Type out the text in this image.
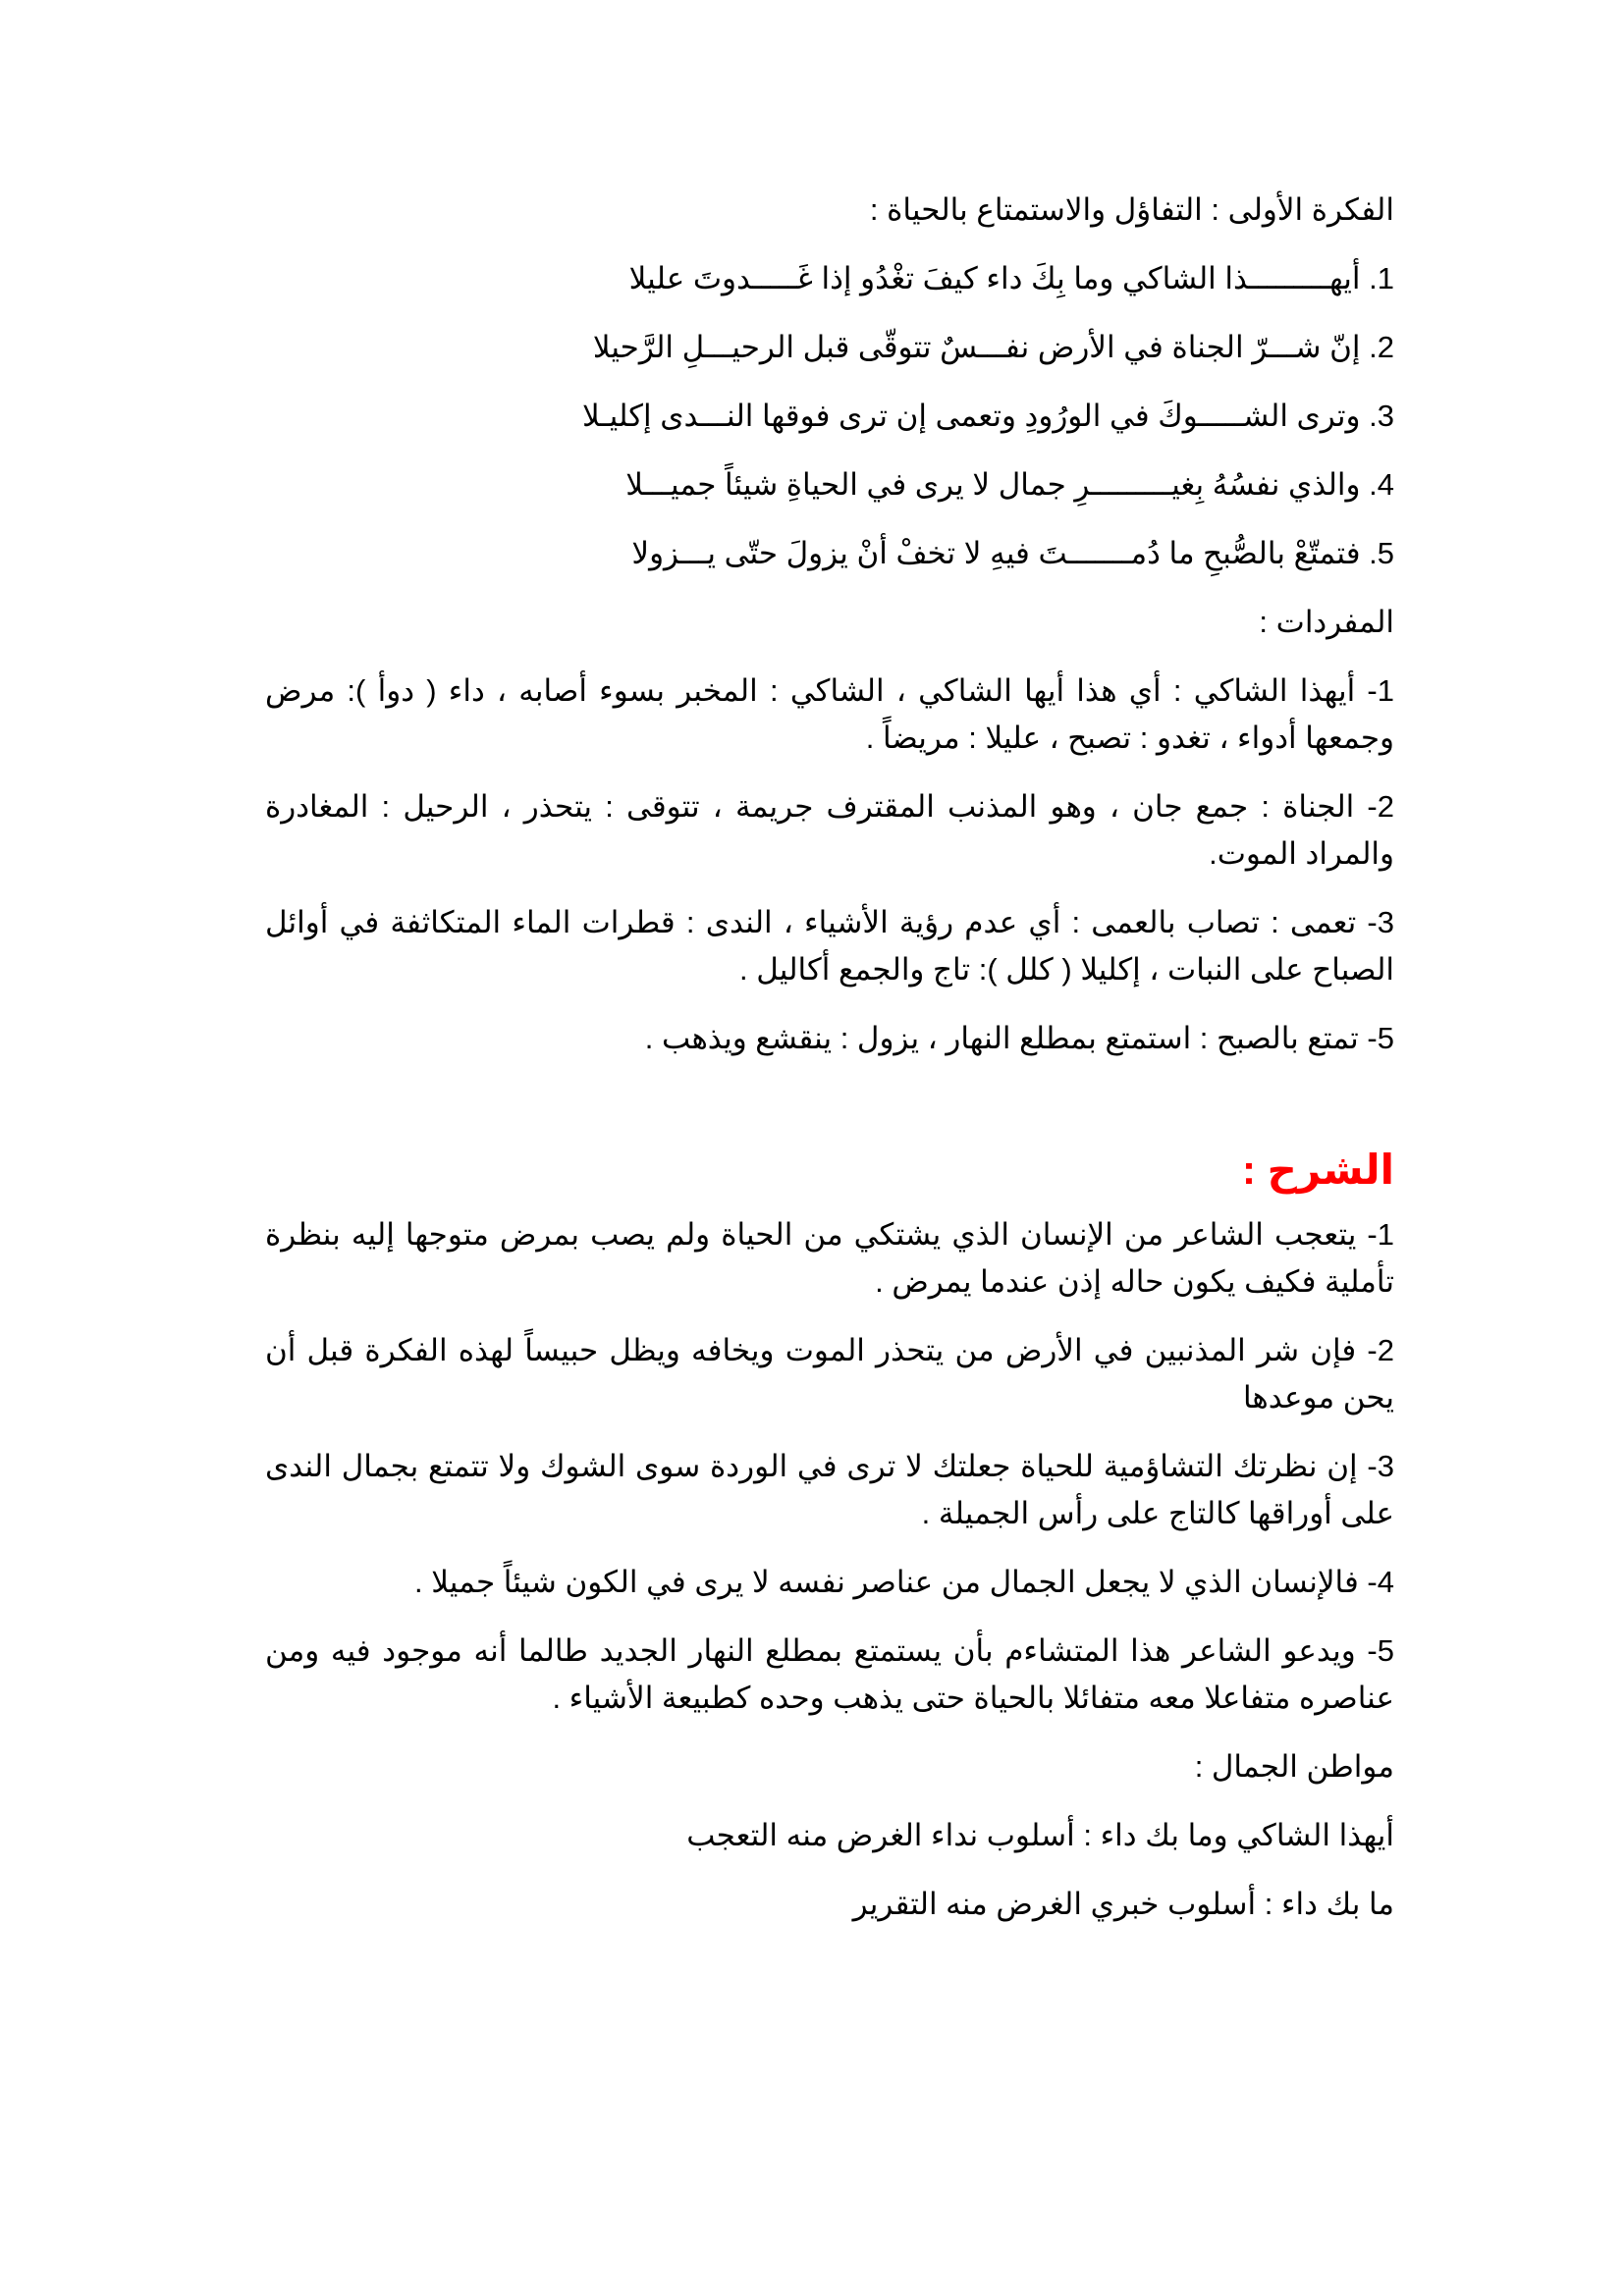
الفكرة الأولى : التفاؤل والاستمتاع بالحياة :

1. أيهـــــــــذا الشاكي وما بِكَ داء كيفَ تغْدُو إذا غَـــــدوتَ عليلا

2. إنّ شـــرّ الجناة في الأرض نفـــسٌ تتوقّى قبل الرحيـــلِ الرَّحيلا

3. وترى الشـــــوكَ في الورُودِ وتعمى إن ترى فوقها النـــدى إكليـلا

4. والذي نفسُهُ بِغيـــــــــرِ جمال لا يرى في الحياةِ شيئاً جميـــلا

5. فتمتّعْ بالصُّبحِ ما دُمـــــــتَ فيهِ لا تخفْ أنْ يزولَ حتّى يـــزولا

المفردات :

1- أيهذا الشاكي : أي هذا أيها الشاكي ، الشاكي : المخبر بسوء أصابه ، داء ( دوأ ): مرض وجمعها أدواء ، تغدو : تصبح ، عليلا : مريضاً .

2- الجناة : جمع جان ، وهو المذنب المقترف جريمة ، تتوقى : يتحذر ، الرحيل : المغادرة والمراد الموت.

3- تعمى : تصاب بالعمى : أي عدم رؤية الأشياء ، الندى : قطرات الماء المتكاثفة في أوائل الصباح على النبات ، إكليلا ( كلل ): تاج والجمع أكاليل .

5- تمتع بالصبح : استمتع بمطلع النهار ، يزول : ينقشع ويذهب .

الشرح :

1- يتعجب الشاعر من الإنسان الذي يشتكي من الحياة ولم يصب بمرض متوجها إليه بنظرة تأملية فكيف يكون حاله إذن عندما يمرض .

2- فإن شر المذنبين في الأرض من يتحذر الموت ويخافه ويظل حبيساً لهذه الفكرة قبل أن يحن موعدها

3- إن نظرتك التشاؤمية للحياة جعلتك لا ترى في الوردة سوى الشوك ولا تتمتع بجمال الندى على أوراقها كالتاج على رأس الجميلة .

4- فالإنسان الذي لا يجعل الجمال من عناصر نفسه لا يرى في الكون شيئاً جميلا .

5- ويدعو الشاعر هذا المتشاءم بأن يستمتع بمطلع النهار الجديد طالما أنه موجود فيه ومن عناصره متفاعلا معه متفائلا بالحياة حتى يذهب وحده كطبيعة الأشياء .

مواطن الجمال :

أيهذا الشاكي وما بك داء : أسلوب نداء الغرض منه التعجب

ما بك داء : أسلوب خبري الغرض منه التقرير
